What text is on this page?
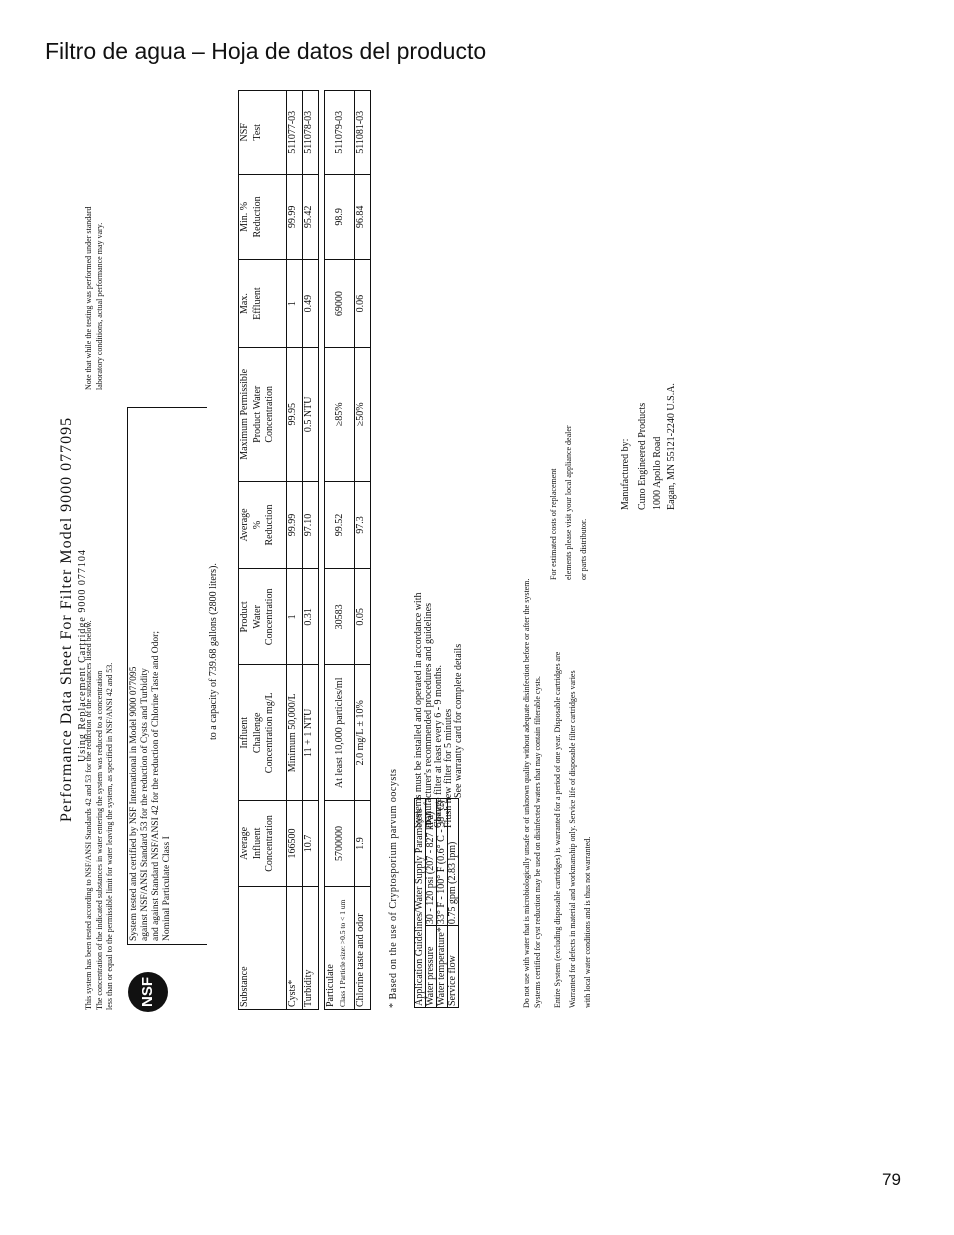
Filtro de agua – Hoja de datos del producto
Performance Data Sheet For Filter Model 9000 077095 Using Replacement Cartridge 9000 077104
This system has been tested according to NSF/ANSI Standards 42 and 53 for the reduction of the substances listed below. The concentration of the indicated substances in water entering the system was reduced to a concentration less than or equal to the permissible limit for water leaving the system, as specified in NSF/ANSI 42 and 53.
Note that while the testing was performed under standard laboratory conditions, actual performance may vary.
NSF
System tested and certified by NSF International in Model 9000 077095 against NSF/ANSI Standard 53 for the reduction of Cysts and Turbidity and against Standard NSF/ANSI 42 for the reduction of Chlorine Taste and Odor; Nominal Particulate Class I
to a capacity of 739.68 gallons (2800 liters).
Substance	Average Influent Concentration	Influent Challenge Concentration mg/L	Product Water Concentration	Average % Reduction	Maximum Permissible Product Water Concentration	Max. Effluent	Min. % Reduction	NSF Test
Cysts*	166500	Minimum 50,000/L	1	99.99	99.95	1	99.99	511077-03
Turbidity	10.7	11 + 1 NTU	0.31	97.10	0.5 NTU	0.49	95.42	511078-03

Particulate Class I Particle size: >0.5 to < 1 um	5700000	At least 10,000 particles/ml	30583	99.52	≥85%	69000	98.9	511079-03
Chlorine taste and odor	1.9	2.0 mg/L ± 10%	0.05	97.3	≥50%	0.06	96.84	511081-03
* Based on the use of Cryptosporium parvum oocysts Application Guidelines/Water Supply Parameters	
Water pressure	30 - 120 psi (207 - 827 kPa)
Water temperature*	33° F - 100° F (0.6° C - 38° C)
Service flow	0.75 gpm (2.83 lpm)
Systems must be installed and operated in accordance with manufacturer's recommended procedures and guidelines Change filter at least every 6 - 9 months. Flush new filter for 5 minutes See warranty card for complete details	Do not use with water that is microbiologically unsafe or of unknown quality without adequate disinfection before or after the system. Systems certified for cyst reduction may be used on disinfected waters that may contain filterable cysts.	Entire System (excluding disposable cartridges) is warranted for a period of one year. Disposable cartridges are Warranted for defects in material and workmanship only. Service life of disposable filter cartridges varies with local water conditions and is thus not warranted.
For estimated costs of replacement elements please visit your local appliance dealer or parts distributor.
Manufactured by: Cuno Engineered Products 1000 Apollo Road Eagan, MN 55121-2240 U.S.A.
79
